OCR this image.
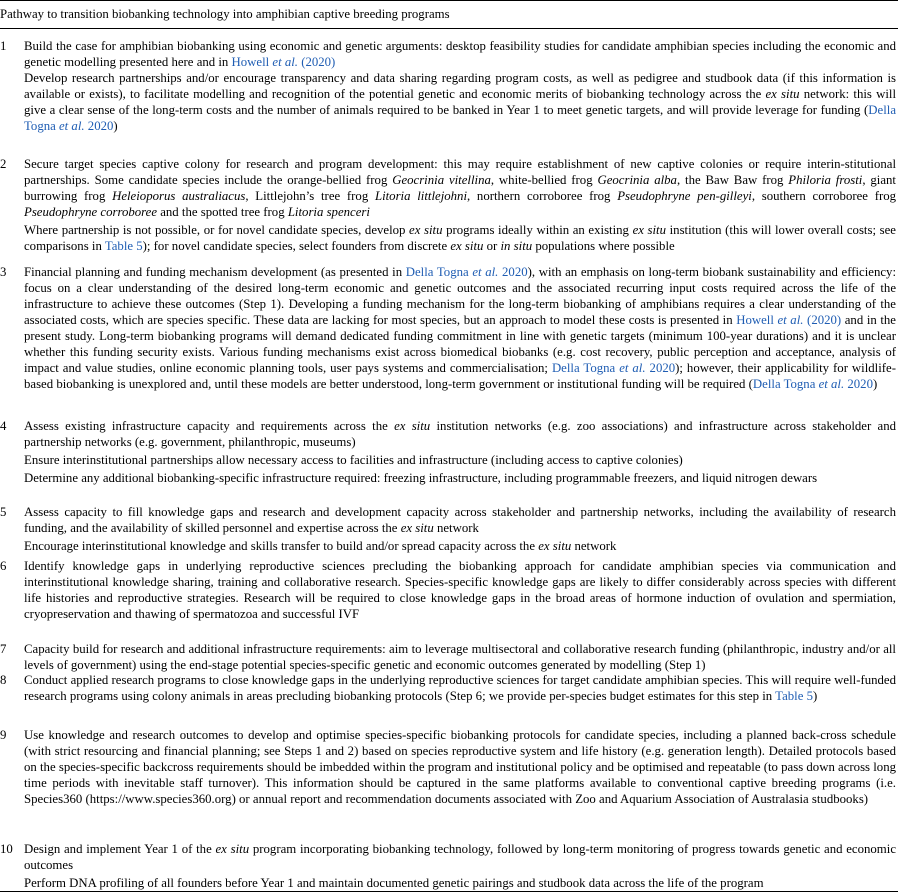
Pathway to transition biobanking technology into amphibian captive breeding programs
1	Build the case for amphibian biobanking using economic and genetic arguments: desktop feasibility studies for candidate amphibian species including the economic and genetic modelling presented here and in Howell et al. (2020)
Develop research partnerships and/or encourage transparency and data sharing regarding program costs, as well as pedigree and studbook data (if this information is available or exists), to facilitate modelling and recognition of the potential genetic and economic merits of biobanking technology across the ex situ network: this will give a clear sense of the long-term costs and the number of animals required to be banked in Year 1 to meet genetic targets, and will provide leverage for funding (Della Togna et al. 2020)
2	Secure target species captive colony for research and program development: this may require establishment of new captive colonies or require interin-stitutional partnerships. Some candidate species include the orange-bellied frog Geocrinia vitellina, white-bellied frog Geocrinia alba, the Baw Baw frog Philoria frosti, giant burrowing frog Heleioporus australiacus, Littlejohn’s tree frog Litoria littlejohni, northern corroboree frog Pseudophryne pen-gilleyi, southern corroboree frog Pseudophryne corroboree and the spotted tree frog Litoria spenceri
Where partnership is not possible, or for novel candidate species, develop ex situ programs ideally within an existing ex situ institution (this will lower overall costs; see comparisons in Table 5); for novel candidate species, select founders from discrete ex situ or in situ populations where possible
3	Financial planning and funding mechanism development (as presented in Della Togna et al. 2020), with an emphasis on long-term biobank sustainability and efficiency: focus on a clear understanding of the desired long-term economic and genetic outcomes and the associated recurring input costs required across the life of the infrastructure to achieve these outcomes (Step 1). Developing a funding mechanism for the long-term biobanking of amphibians requires a clear understanding of the associated costs, which are species specific. These data are lacking for most species, but an approach to model these costs is presented in Howell et al. (2020) and in the present study. Long-term biobanking programs will demand dedicated funding commitment in line with genetic targets (minimum 100-year durations) and it is unclear whether this funding security exists. Various funding mechanisms exist across biomedical biobanks (e.g. cost recovery, public perception and acceptance, analysis of impact and value studies, online economic planning tools, user pays systems and commercialisation; Della Togna et al. 2020); however, their applicability for wildlife-based biobanking is unexplored and, until these models are better understood, long-term government or institutional funding will be required (Della Togna et al. 2020)
4	Assess existing infrastructure capacity and requirements across the ex situ institution networks (e.g. zoo associations) and infrastructure across stakeholder and partnership networks (e.g. government, philanthropic, museums)
Ensure interinstitutional partnerships allow necessary access to facilities and infrastructure (including access to captive colonies)
Determine any additional biobanking-specific infrastructure required: freezing infrastructure, including programmable freezers, and liquid nitrogen dewars
5	Assess capacity to fill knowledge gaps and research and development capacity across stakeholder and partnership networks, including the availability of research funding, and the availability of skilled personnel and expertise across the ex situ network
Encourage interinstitutional knowledge and skills transfer to build and/or spread capacity across the ex situ network
6	Identify knowledge gaps in underlying reproductive sciences precluding the biobanking approach for candidate amphibian species via communication and interinstitutional knowledge sharing, training and collaborative research. Species-specific knowledge gaps are likely to differ considerably across species with different life histories and reproductive strategies. Research will be required to close knowledge gaps in the broad areas of hormone induction of ovulation and spermiation, cryopreservation and thawing of spermatozoa and successful IVF
7	Capacity build for research and additional infrastructure requirements: aim to leverage multisectoral and collaborative research funding (philanthropic, industry and/or all levels of government) using the end-stage potential species-specific genetic and economic outcomes generated by modelling (Step 1)
8	Conduct applied research programs to close knowledge gaps in the underlying reproductive sciences for target candidate amphibian species. This will require well-funded research programs using colony animals in areas precluding biobanking protocols (Step 6; we provide per-species budget estimates for this step in Table 5)
9	Use knowledge and research outcomes to develop and optimise species-specific biobanking protocols for candidate species, including a planned back-cross schedule (with strict resourcing and financial planning; see Steps 1 and 2) based on species reproductive system and life history (e.g. generation length). Detailed protocols based on the species-specific backcross requirements should be imbedded within the program and institutional policy and be optimised and repeatable (to pass down across long time periods with inevitable staff turnover). This information should be captured in the same platforms available to conventional captive breeding programs (i.e. Species360 (https://www.species360.org) or annual report and recommendation documents associated with Zoo and Aquarium Association of Australasia studbooks)
10 Design and implement Year 1 of the ex situ program incorporating biobanking technology, followed by long-term monitoring of progress towards genetic and economic outcomes
Perform DNA profiling of all founders before Year 1 and maintain documented genetic pairings and studbook data across the life of the program
